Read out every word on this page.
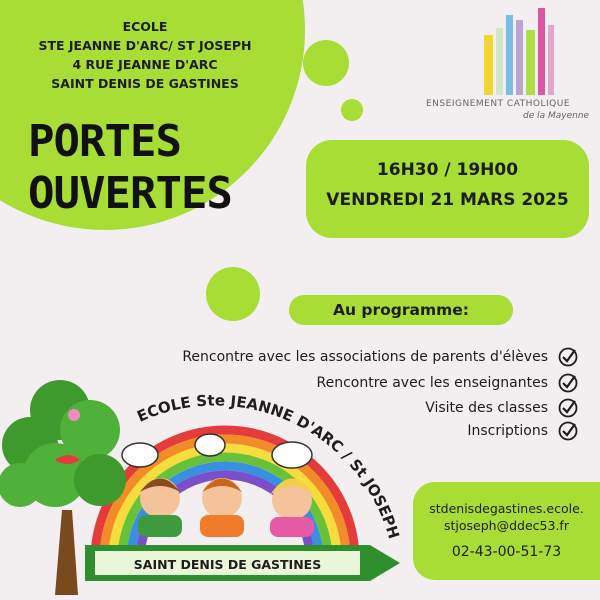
ECOLE
STE JEANNE D'ARC/ ST JOSEPH
4 RUE JEANNE D'ARC
SAINT DENIS DE GASTINES
PORTES
OUVERTES
ENSEIGNEMENT CATHOLIQUE
de la Mayenne
16H30 / 19H00
VENDREDI 21 MARS 2025
Au programme:
Rencontre avec les associations de parents d'élèves
Rencontre avec les enseignantes
Visite des classes
Inscriptions
ECOLE Ste JEANNE D'ARC / St JOSEPH
SAINT DENIS DE GASTINES
stdenisdegastines.ecole.
stjoseph@ddec53.fr
02-43-00-51-73
